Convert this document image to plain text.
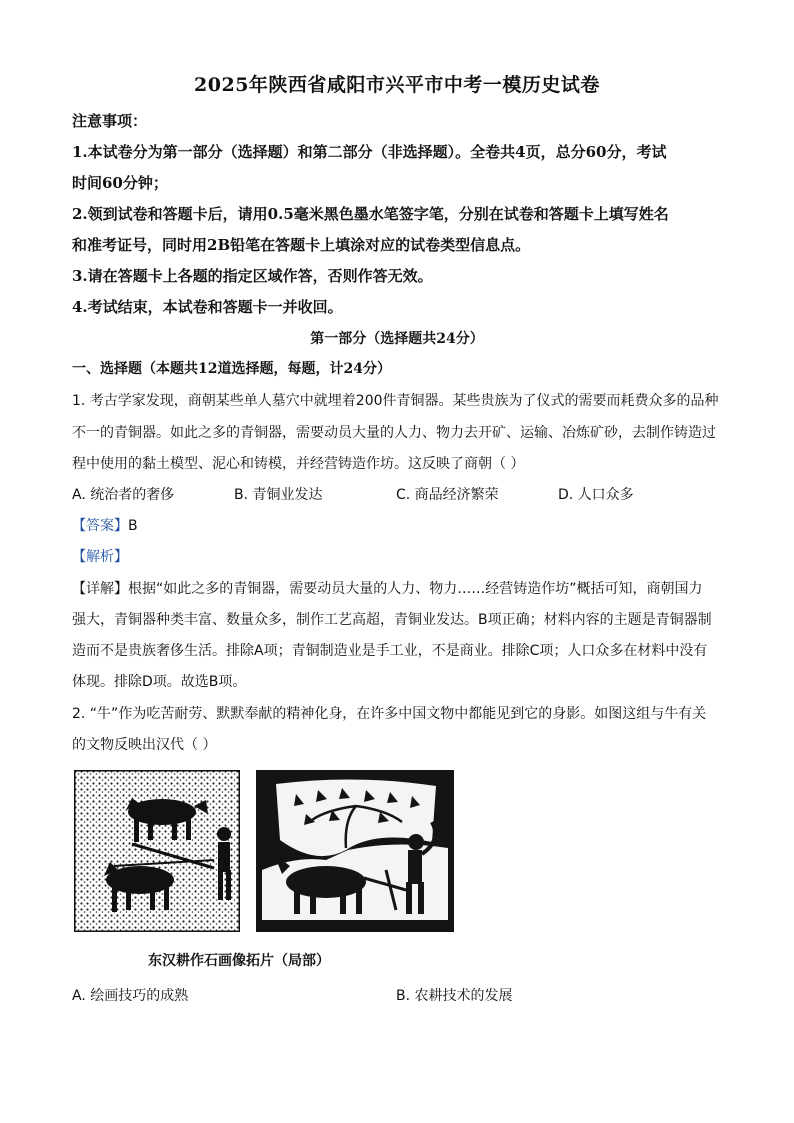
2025年陕西省咸阳市兴平市中考一模历史试卷
注意事项：
1.本试卷分为第一部分（选择题）和第二部分（非选择题）。全卷共4页，总分60分，考试
时间60分钟；
2.领到试卷和答题卡后，请用0.5毫米黑色墨水笔签字笔，分别在试卷和答题卡上填写姓名
和准考证号，同时用2B铅笔在答题卡上填涂对应的试卷类型信息点。
3.请在答题卡上各题的指定区域作答，否则作答无效。
4.考试结束，本试卷和答题卡一并收回。
第一部分（选择题共24分）
一、选择题（本题共12道选择题，每题，计24分）
1. 考古学家发现，商朝某些单人墓穴中就埋着200件青铜器。某些贵族为了仪式的需要而耗费众多的品种
不一的青铜器。如此之多的青铜器，需要动员大量的人力、物力去开矿、运输、冶炼矿砂，去制作铸造过
程中使用的黏土模型、泥心和铸模，并经营铸造作坊。这反映了商朝（ ）
A. 统治者的奢侈	B. 青铜业发达	C. 商品经济繁荣	D. 人口众多
【答案】B
【解析】
【详解】根据“如此之多的青铜器，需要动员大量的人力、物力……经营铸造作坊”概括可知，商朝国力
强大，青铜器种类丰富、数量众多，制作工艺高超，青铜业发达。B项正确；材料内容的主题是青铜器制
造而不是贵族奢侈生活。排除A项；青铜制造业是手工业，不是商业。排除C项；人口众多在材料中没有
体现。排除D项。故选B项。
2. “牛”作为吃苦耐劳、默默奉献的精神化身，在许多中国文物中都能见到它的身影。如图这组与牛有关
的文物反映出汉代（ ）
东汉耕作石画像拓片（局部）
A. 绘画技巧的成熟	B. 农耕技术的发展
